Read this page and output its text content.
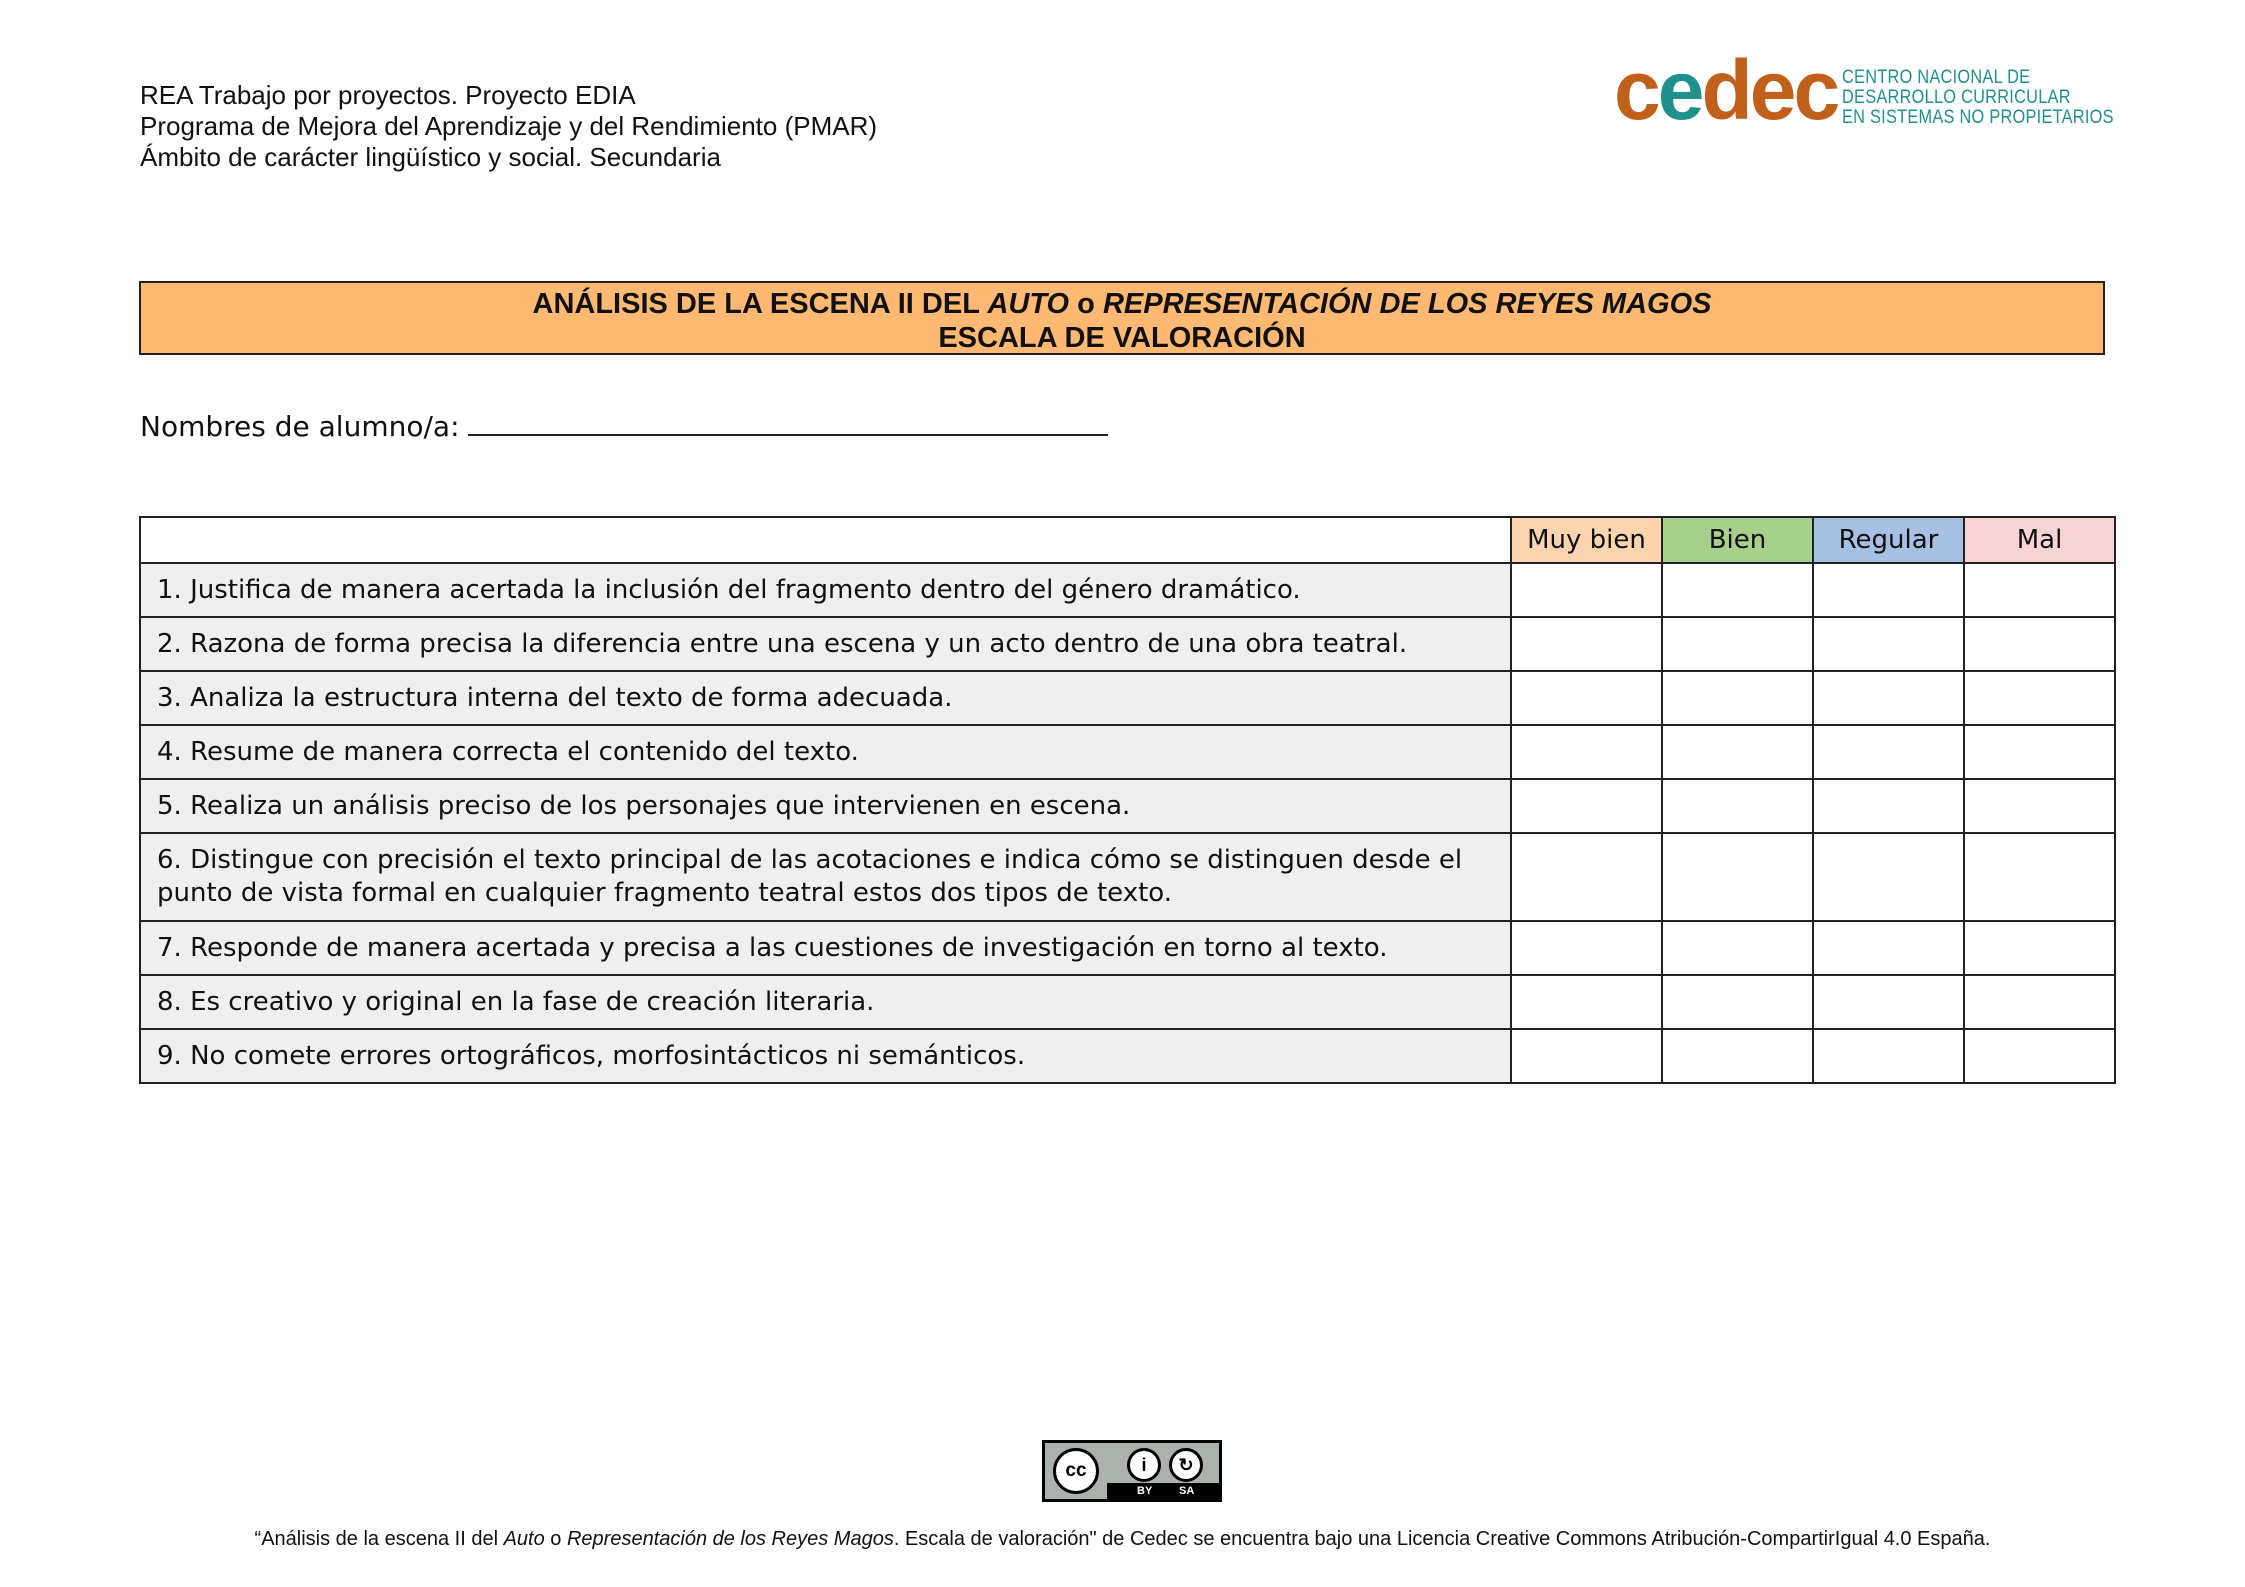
REA Trabajo por proyectos. Proyecto EDIA
Programa de Mejora del Aprendizaje y del Rendimiento (PMAR)
Ámbito de carácter lingüístico y social. Secundaria
cedec CENTRO NACIONAL DE
DESARROLLO CURRICULAR
EN SISTEMAS NO PROPIETARIOS
ANÁLISIS DE LA ESCENA II DEL AUTO o REPRESENTACIÓN DE LOS REYES MAGOS
ESCALA DE VALORACIÓN
Nombres de alumno/a:
	Muy bien	Bien	Regular	Mal
1. Justifica de manera acertada la inclusión del fragmento dentro del género dramático.				
2. Razona de forma precisa la diferencia entre una escena y un acto dentro de una obra teatral.				
3. Analiza la estructura interna del texto de forma adecuada.				
4. Resume de manera correcta el contenido del texto.				
5. Realiza un análisis preciso de los personajes que intervienen en escena.				
6. Distingue con precisión el texto principal de las acotaciones e indica cómo se distinguen desde el punto de vista formal en cualquier fragmento teatral estos dos tipos de texto.				
7. Responde de manera acertada y precisa a las cuestiones de investigación en torno al texto.				
8. Es creativo y original en la fase de creación literaria.				
9. No comete errores ortográficos, morfosintácticos ni semánticos.				
cc	i	↻
BY SA
“Análisis de la escena II del Auto o Representación de los Reyes Magos. Escala de valoración" de Cedec se encuentra bajo una Licencia Creative Commons Atribución-CompartirIgual 4.0 España.
